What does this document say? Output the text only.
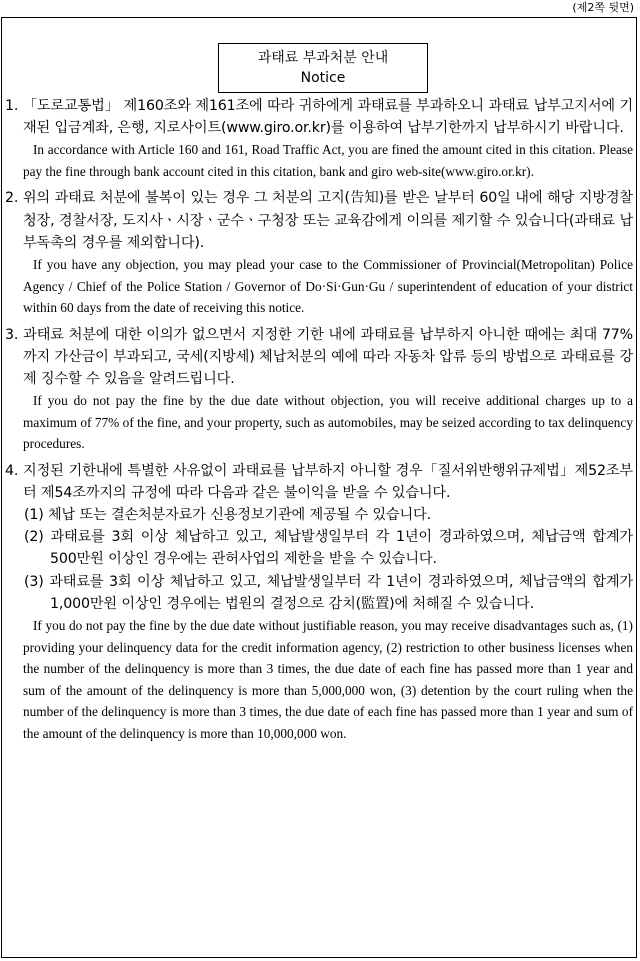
(제2쪽 뒷면)
과태료 부과처분 안내
Notice

1. 「도로교통법」 제160조와 제161조에 따라 귀하에게 과태료를 부과하오니 과태료 납부고지서에 기재된 입금계좌, 은행, 지로사이트(www.giro.or.kr)를 이용하여 납부기한까지 납부하시기 바랍니다.

In accordance with Article 160 and 161, Road Traffic Act, you are fined the amount cited in this citation. Please pay the fine through bank account cited in this citation, bank and giro web-site(www.giro.or.kr).

2. 위의 과태료 처분에 불복이 있는 경우 그 처분의 고지(告知)를 받은 날부터 60일 내에 해당 지방경찰청장, 경찰서장, 도지사ㆍ시장ㆍ군수ㆍ구청장 또는 교육감에게 이의를 제기할 수 있습니다(과태료 납부독촉의 경우를 제외합니다).

If you have any objection, you may plead your case to the Commissioner of Provincial(Metropolitan) Police Agency / Chief of the Police Station / Governor of Do·Si·Gun·Gu / superintendent of education of your district within 60 days from the date of receiving this notice.

3. 과태료 처분에 대한 이의가 없으면서 지정한 기한 내에 과태료를 납부하지 아니한 때에는 최대 77%까지 가산금이 부과되고, 국세(지방세) 체납처분의 예에 따라 자동차 압류 등의 방법으로 과태료를 강제 징수할 수 있음을 알려드립니다.

If you do not pay the fine by the due date without objection, you will receive additional charges up to a maximum of 77% of the fine, and your property, such as automobiles, may be seized according to tax delinquency procedures.

4. 지정된 기한내에 특별한 사유없이 과태료를 납부하지 아니할 경우「질서위반행위규제법」제52조부터 제54조까지의 규정에 따라 다음과 같은 불이익을 받을 수 있습니다.

(1) 체납 또는 결손처분자료가 신용정보기관에 제공될 수 있습니다.

(2) 과태료를 3회 이상 체납하고 있고, 체납발생일부터 각 1년이 경과하였으며, 체납금액 합계가 500만원 이상인 경우에는 관허사업의 제한을 받을 수 있습니다.

(3) 과태료를 3회 이상 체납하고 있고, 체납발생일부터 각 1년이 경과하였으며, 체납금액의 합계가 1,000만원 이상인 경우에는 법원의 결정으로 감치(監置)에 처해질 수 있습니다.

If you do not pay the fine by the due date without justifiable reason, you may receive disadvantages such as, (1) providing your delinquency data for the credit information agency, (2) restriction to other business licenses when the number of the delinquency is more than 3 times, the due date of each fine has passed more than 1 year and sum of the amount of the delinquency is more than 5,000,000 won, (3) detention by the court ruling when the number of the delinquency is more than 3 times, the due date of each fine has passed more than 1 year and sum of the amount of the delinquency is more than 10,000,000 won.
